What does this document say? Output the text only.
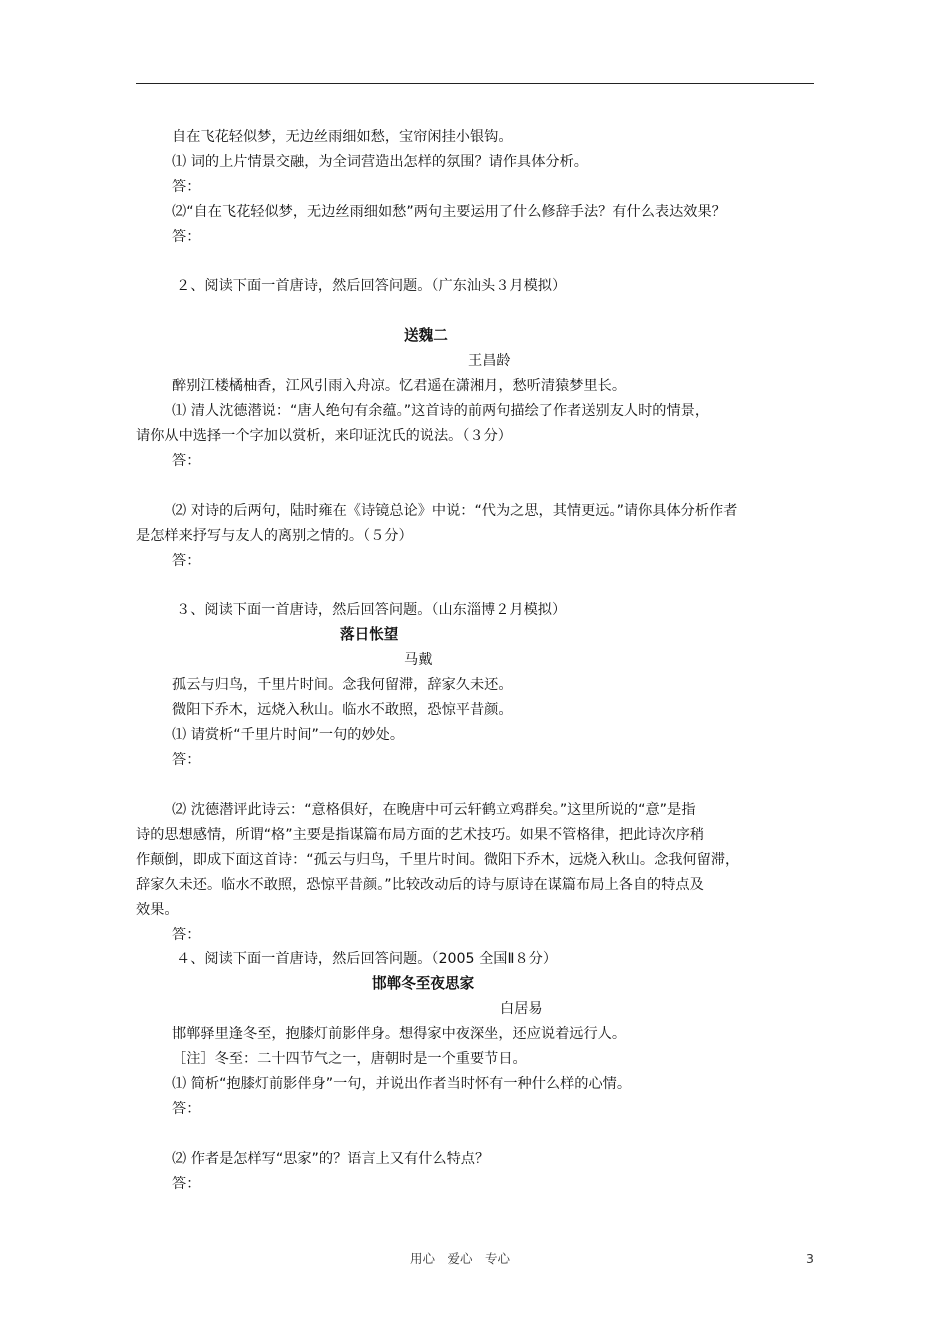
自在飞花轻似梦，无边丝雨细如愁，宝帘闲挂小银钩。
⑴ 词的上片情景交融，为全词营造出怎样的氛围？请作具体分析。
答：
⑵“自在飞花轻似梦，无边丝雨细如愁”两句主要运用了什么修辞手法？有什么表达效果？
答：
２、阅读下面一首唐诗，然后回答问题。（广东汕头３月模拟）
送魏二
王昌龄
醉别江楼橘柚香，江风引雨入舟凉。忆君遥在潇湘月，愁听清猿梦里长。
⑴ 清人沈德潜说：“唐人绝句有余蕴。”这首诗的前两句描绘了作者送别友人时的情景，
请你从中选择一个字加以赏析，来印证沈氏的说法。（３分）
答：
⑵ 对诗的后两句，陆时雍在《诗镜总论》中说：“代为之思，其情更远。”请你具体分析作者
是怎样来抒写与友人的离别之情的。（５分）
答：
３、阅读下面一首唐诗，然后回答问题。（山东淄博２月模拟）
落日怅望
马戴
孤云与归鸟，千里片时间。念我何留滞，辞家久未还。
微阳下乔木，远烧入秋山。临水不敢照，恐惊平昔颜。
⑴ 请赏析“千里片时间”一句的妙处。
答：
⑵ 沈德潜评此诗云：“意格俱好，在晚唐中可云轩鹤立鸡群矣。”这里所说的“意”是指
诗的思想感情，所谓“格”主要是指谋篇布局方面的艺术技巧。如果不管格律，把此诗次序稍
作颠倒，即成下面这首诗：“孤云与归鸟，千里片时间。微阳下乔木，远烧入秋山。念我何留滞，
辞家久未还。临水不敢照，恐惊平昔颜。”比较改动后的诗与原诗在谋篇布局上各自的特点及
效果。
答：
４、阅读下面一首唐诗，然后回答问题。（2005 全国Ⅱ８分）
邯郸冬至夜思家
白居易
邯郸驿里逢冬至，抱膝灯前影伴身。想得家中夜深坐，还应说着远行人。
［注］冬至：二十四节气之一，唐朝时是一个重要节日。
⑴ 简析“抱膝灯前影伴身”一句，并说出作者当时怀有一种什么样的心情。
答：
⑵ 作者是怎样写“思家”的？语言上又有什么特点？
答：
用心　爱心　专心	3
